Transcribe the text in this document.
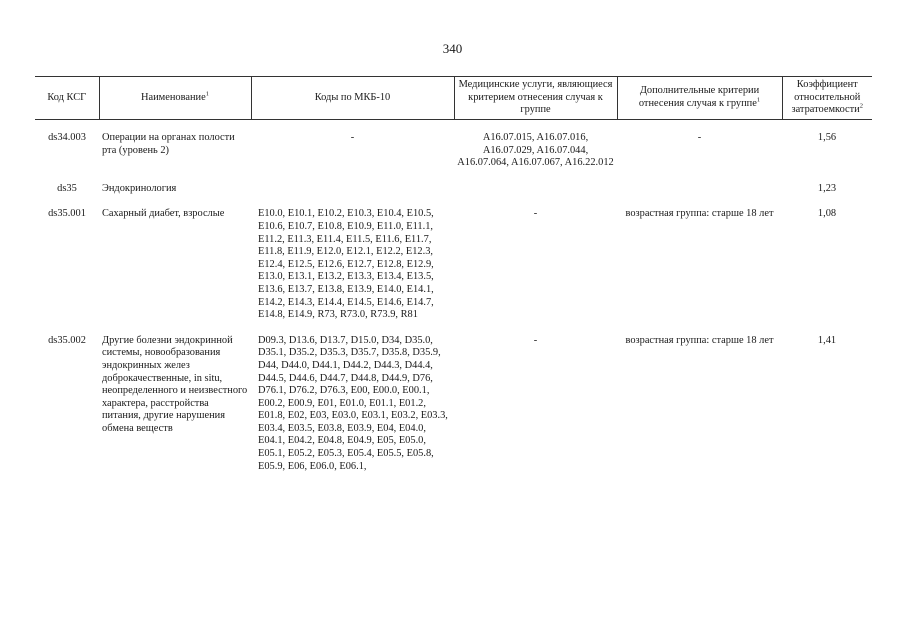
340
Код КСГ	Наименование$^1$	Коды по МКБ-10	Медицинские услуги, являющиеся критерием отнесения случая к группе	Дополнительные критерии отнесения случая к группе$^1$	Коэффициент относительной затратоемкости$^2$

ds34.003	Операции на органах полости рта (уровень 2)	-	A16.07.015, A16.07.016, A16.07.029, A16.07.044, A16.07.064, A16.07.067, A16.22.012	-	1,56

ds35	Эндокринология				1,23

ds35.001	Сахарный диабет, взрослые	E10.0, E10.1, E10.2, E10.3, E10.4, E10.5, E10.6, E10.7, E10.8, E10.9, E11.0, E11.1, E11.2, E11.3, E11.4, E11.5, E11.6, E11.7, E11.8, E11.9, E12.0, E12.1, E12.2, E12.3, E12.4, E12.5, E12.6, E12.7, E12.8, E12.9, E13.0, E13.1, E13.2, E13.3, E13.4, E13.5, E13.6, E13.7, E13.8, E13.9, E14.0, E14.1, E14.2, E14.3, E14.4, E14.5, E14.6, E14.7, E14.8, E14.9, R73, R73.0, R73.9, R81	-	возрастная группа: старше 18 лет	1,08

ds35.002	Другие болезни эндокринной системы, новообразования эндокринных желез доброкачественные, in situ, неопределенного и неизвестного характера, расстройства питания, другие нарушения обмена веществ	D09.3, D13.6, D13.7, D15.0, D34, D35.0, D35.1, D35.2, D35.3, D35.7, D35.8, D35.9, D44, D44.0, D44.1, D44.2, D44.3, D44.4, D44.5, D44.6, D44.7, D44.8, D44.9, D76, D76.1, D76.2, D76.3, E00, E00.0, E00.1, E00.2, E00.9, E01, E01.0, E01.1, E01.2, E01.8, E02, E03, E03.0, E03.1, E03.2, E03.3, E03.4, E03.5, E03.8, E03.9, E04, E04.0, E04.1, E04.2, E04.8, E04.9, E05, E05.0, E05.1, E05.2, E05.3, E05.4, E05.5, E05.8, E05.9, E06, E06.0, E06.1,	-	возрастная группа: старше 18 лет	1,41
